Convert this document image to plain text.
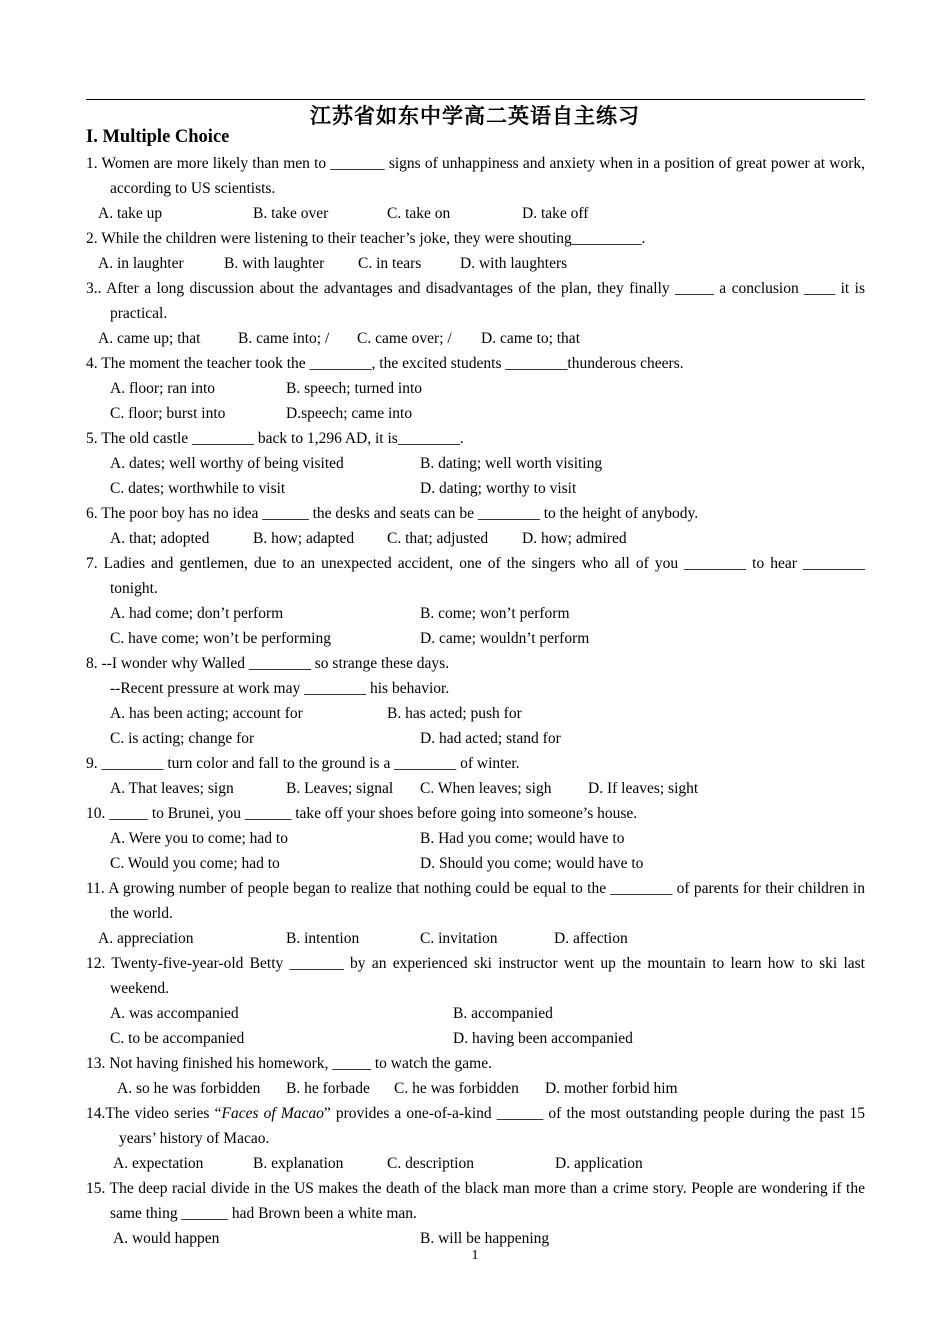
江苏省如东中学高二英语自主练习
I. Multiple Choice

1. Women are more likely than men to _______ signs of unhappiness and anxiety when in a position of great power at work, according to US scientists.

A. take up	B. take over	C. take on	D. take off

2. While the children were listening to their teacher’s joke, they were shouting_________.

A. in laughter	B. with laughter	C. in tears	D. with laughters

3.. After a long discussion about the advantages and disadvantages of the plan, they finally _____ a conclusion ____ it is practical.

A. came up; that	B. came into; /	C. came over; /	D. came to; that

4. The moment the teacher took the ________, the excited students ________thunderous cheers.

A. floor; ran into	B. speech; turned into
C. floor; burst into	D.speech; came into

5. The old castle ________ back to 1,296 AD, it is________.

A. dates; well worthy of being visited	B. dating; well worth visiting
C. dates; worthwhile to visit	D. dating; worthy to visit

6. The poor boy has no idea ______ the desks and seats can be ________ to the height of anybody.

A. that; adopted	B. how; adapted	C. that; adjusted	D. how; admired

7. Ladies and gentlemen, due to an unexpected accident, one of the singers who all of you ________ to hear ________ tonight.

A. had come; don’t perform	B. come; won’t perform
C. have come; won’t be performing	D. came; wouldn’t perform

8. --I wonder why Walled ________ so strange these days.

--Recent pressure at work may ________ his behavior.
A. has been acting; account for	B. has acted; push for
C. is acting; change for	D. had acted; stand for

9. ________ turn color and fall to the ground is a ________ of winter.

A. That leaves; sign	B. Leaves; signal	C. When leaves; sigh	D. If leaves; sight

10. _____ to Brunei, you ______ take off your shoes before going into someone’s house.

A. Were you to come; had to	B. Had you come; would have to
C. Would you come; had to	D. Should you come; would have to

11. A growing number of people began to realize that nothing could be equal to the ________ of parents for their children in the world.

A. appreciation	B. intention	C. invitation	D. affection

12. Twenty-five-year-old Betty _______ by an experienced ski instructor went up the mountain to learn how to ski last weekend.

A. was accompanied	B. accompanied
C. to be accompanied	D. having been accompanied

13. Not having finished his homework, _____ to watch the game.

A. so he was forbidden	B. he forbade	C. he was forbidden	D. mother forbid him

14.The video series “Faces of Macao” provides a one-of-a-kind ______ of the most outstanding people during the past 15 years’ history of Macao.

A. expectation	B. explanation	C. description	D. application

15. The deep racial divide in the US makes the death of the black man more than a crime story. People are wondering if the same thing ______ had Brown been a white man.

A. would happen	B. will be happening
1
